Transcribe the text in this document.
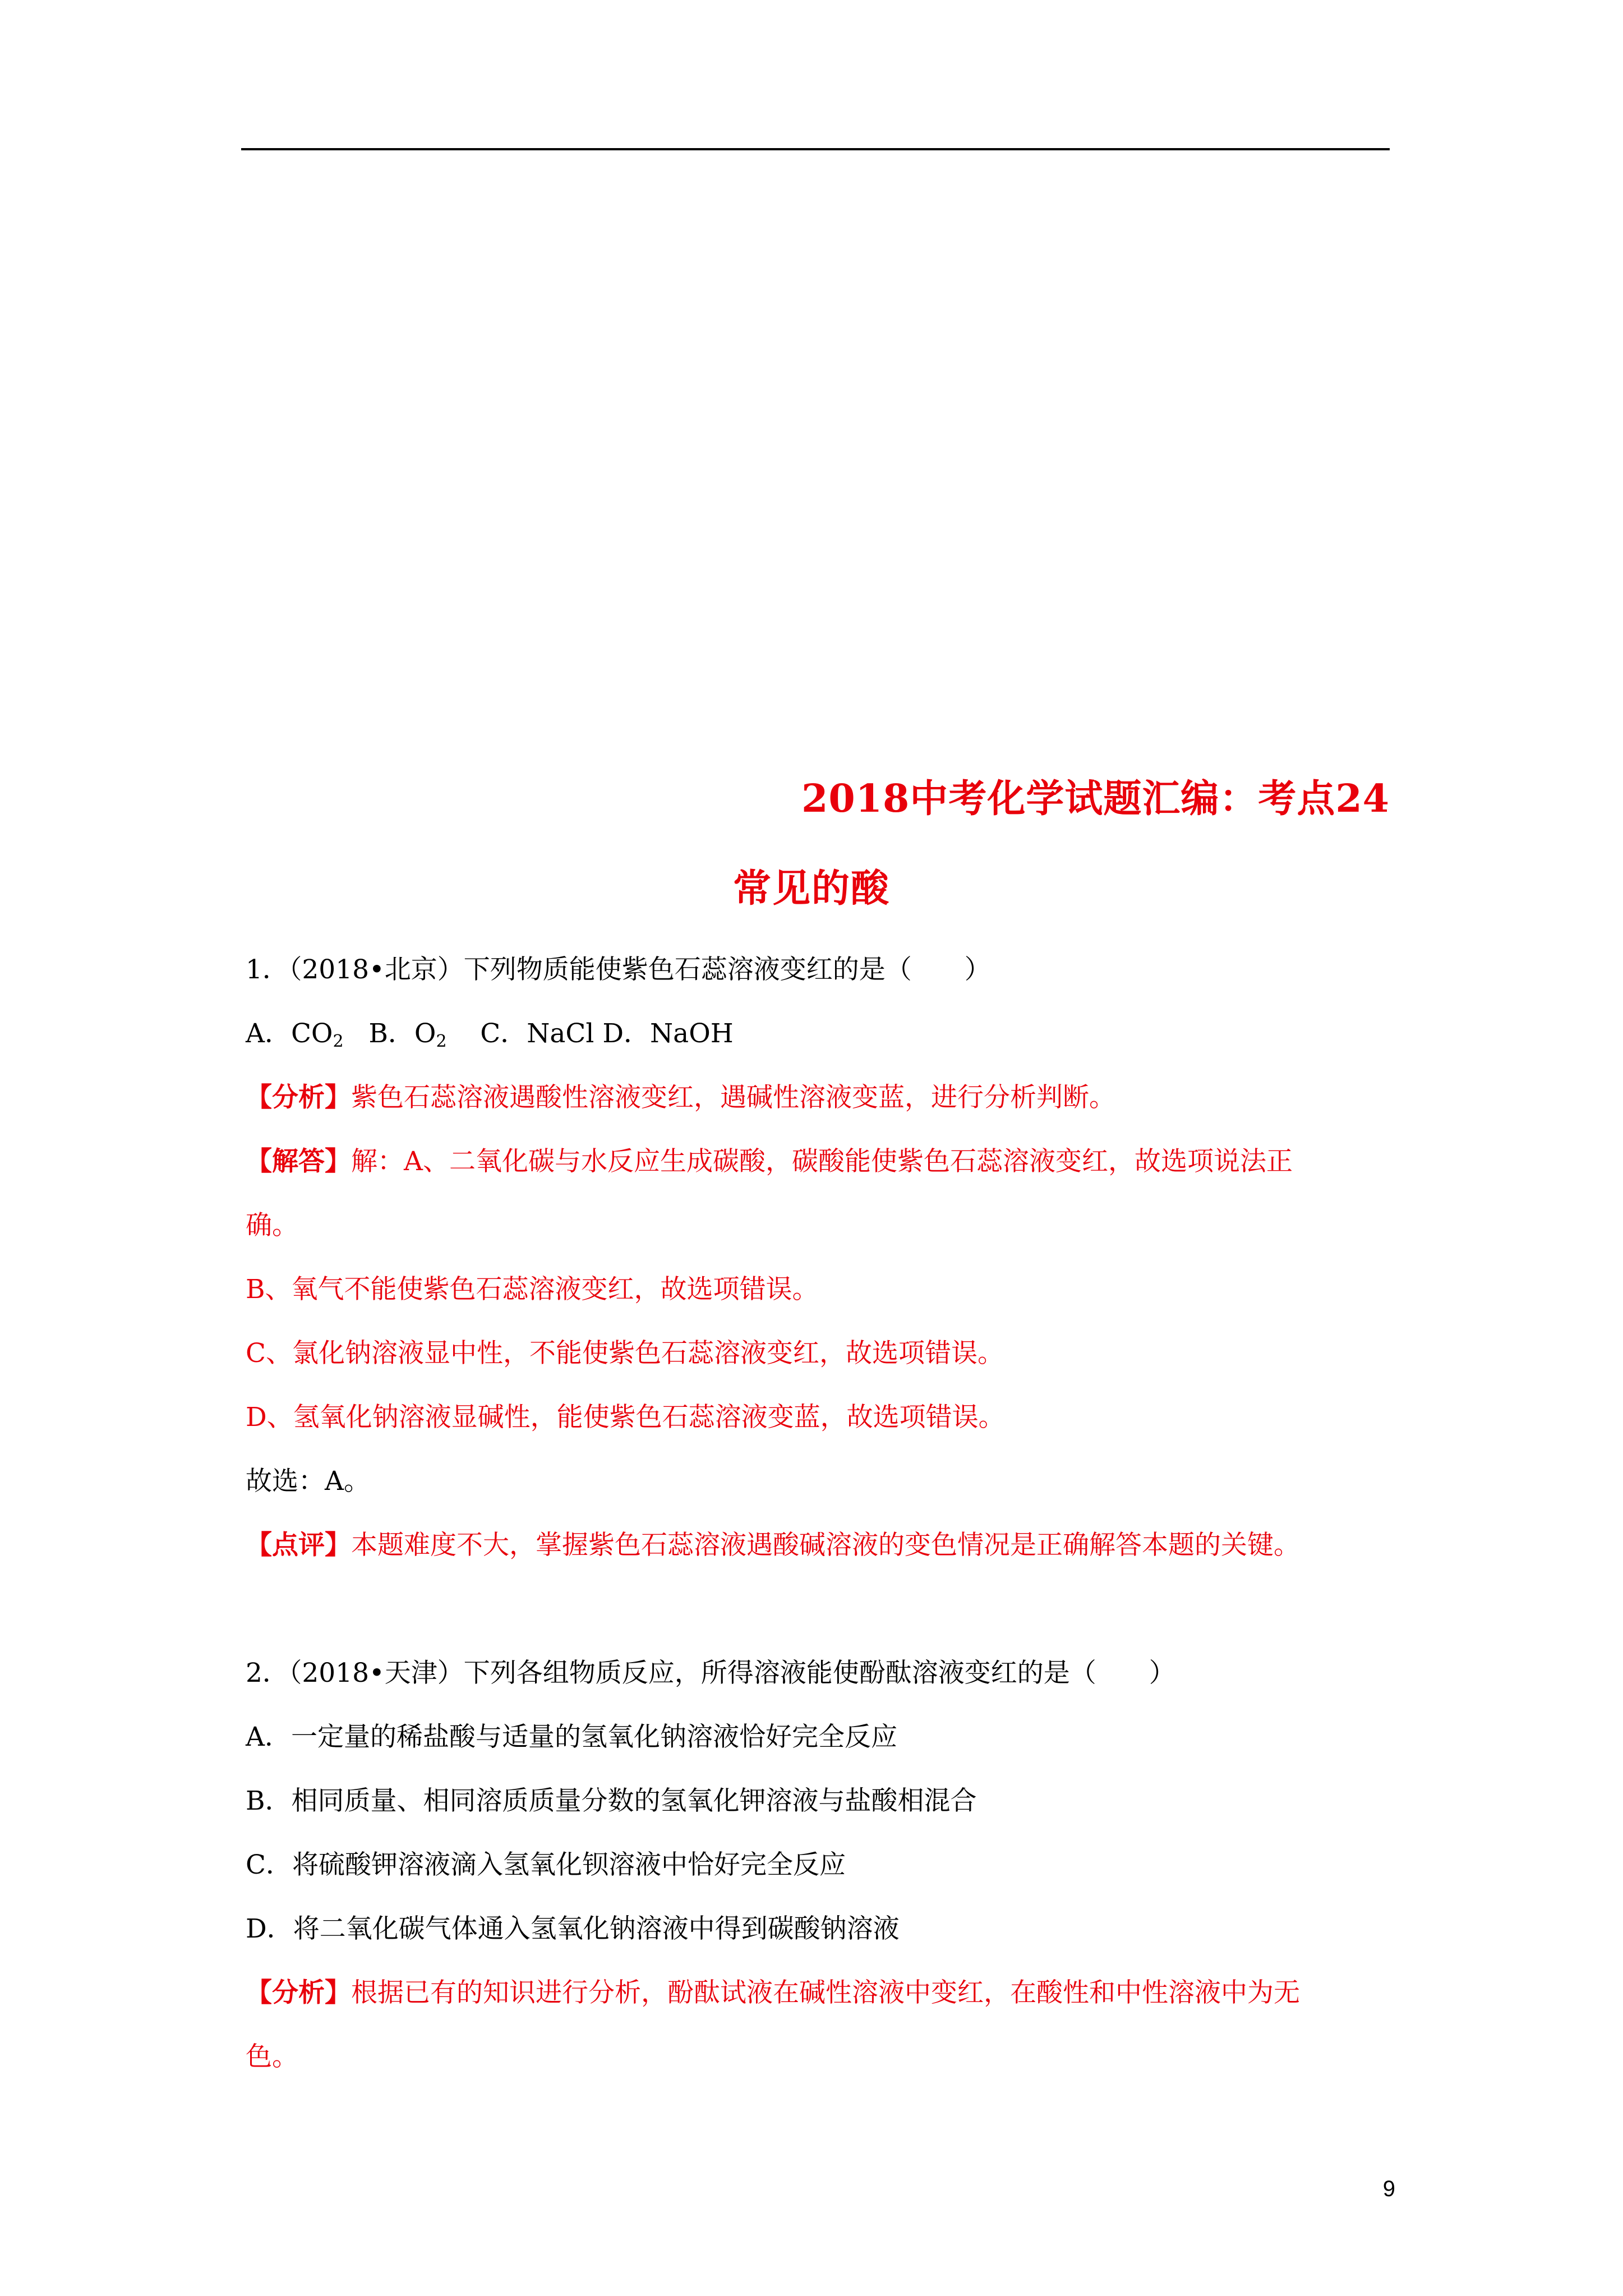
2018中考化学试题汇编：考点24
常见的酸
1．（2018•北京）下列物质能使紫色石蕊溶液变红的是（　　）
A．$CO_2$ B．$O_2$ C．NaCl D．NaOH
【分析】紫色石蕊溶液遇酸性溶液变红，遇碱性溶液变蓝，进行分析判断。
【解答】解：A、二氧化碳与水反应生成碳酸，碳酸能使紫色石蕊溶液变红，故选项说法正
确。
B、氧气不能使紫色石蕊溶液变红，故选项错误。
C、氯化钠溶液显中性，不能使紫色石蕊溶液变红，故选项错误。
D、氢氧化钠溶液显碱性，能使紫色石蕊溶液变蓝，故选项错误。
故选：A。
【点评】本题难度不大，掌握紫色石蕊溶液遇酸碱溶液的变色情况是正确解答本题的关键。
2．（2018•天津）下列各组物质反应，所得溶液能使酚酞溶液变红的是（　　）
A．一定量的稀盐酸与适量的氢氧化钠溶液恰好完全反应
B．相同质量、相同溶质质量分数的氢氧化钾溶液与盐酸相混合
C．将硫酸钾溶液滴入氢氧化钡溶液中恰好完全反应
D．将二氧化碳气体通入氢氧化钠溶液中得到碳酸钠溶液
【分析】根据已有的知识进行分析，酚酞试液在碱性溶液中变红，在酸性和中性溶液中为无
色。
9
